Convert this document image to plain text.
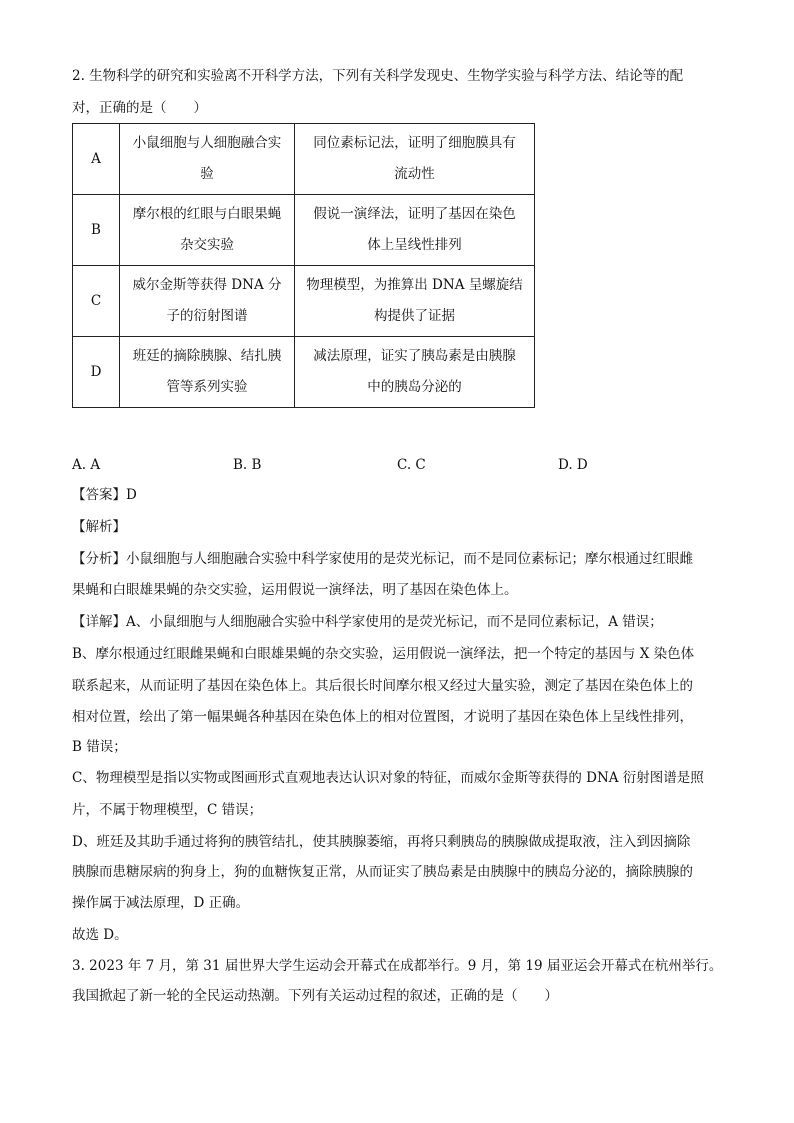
2. 生物科学的研究和实验离不开科学方法，下列有关科学发现史、生物学实验与科学方法、结论等的配
对，正确的是（　　）
A	小鼠细胞与人细胞融合实
验	同位素标记法，证明了细胞膜具有
流动性
B	摩尔根的红眼与白眼果蝇
杂交实验	假说一演绎法，证明了基因在染色
体上呈线性排列
C	威尔金斯等获得 DNA 分
子的衍射图谱	物理模型，为推算出 DNA 呈螺旋结
构提供了证据
D	班廷的摘除胰腺、结扎胰
管等系列实验	减法原理，证实了胰岛素是由胰腺
中的胰岛分泌的
A. A	B. B	C. C	D. D
【答案】D
【解析】
【分析】小鼠细胞与人细胞融合实验中科学家使用的是荧光标记，而不是同位素标记；摩尔根通过红眼雌
果蝇和白眼雄果蝇的杂交实验，运用假说一演绎法，明了基因在染色体上。
【详解】A、小鼠细胞与人细胞融合实验中科学家使用的是荧光标记，而不是同位素标记，A 错误；
B、摩尔根通过红眼雌果蝇和白眼雄果蝇的杂交实验，运用假说一演绎法，把一个特定的基因与 X 染色体
联系起来，从而证明了基因在染色体上。其后很长时间摩尔根又经过大量实验，测定了基因在染色体上的
相对位置，绘出了第一幅果蝇各种基因在染色体上的相对位置图，才说明了基因在染色体上呈线性排列，
B 错误；
C、物理模型是指以实物或图画形式直观地表达认识对象的特征，而威尔金斯等获得的 DNA 衍射图谱是照
片，不属于物理模型，C 错误；
D、班廷及其助手通过将狗的胰管结扎，使其胰腺萎缩，再将只剩胰岛的胰腺做成提取液，注入到因摘除
胰腺而患糖尿病的狗身上，狗的血糖恢复正常，从而证实了胰岛素是由胰腺中的胰岛分泌的，摘除胰腺的
操作属于减法原理，D 正确。
故选 D。
3. 2023 年 7 月，第 31 届世界大学生运动会开幕式在成都举行。9 月，第 19 届亚运会开幕式在杭州举行。
我国掀起了新一轮的全民运动热潮。下列有关运动过程的叙述，正确的是（　　）
